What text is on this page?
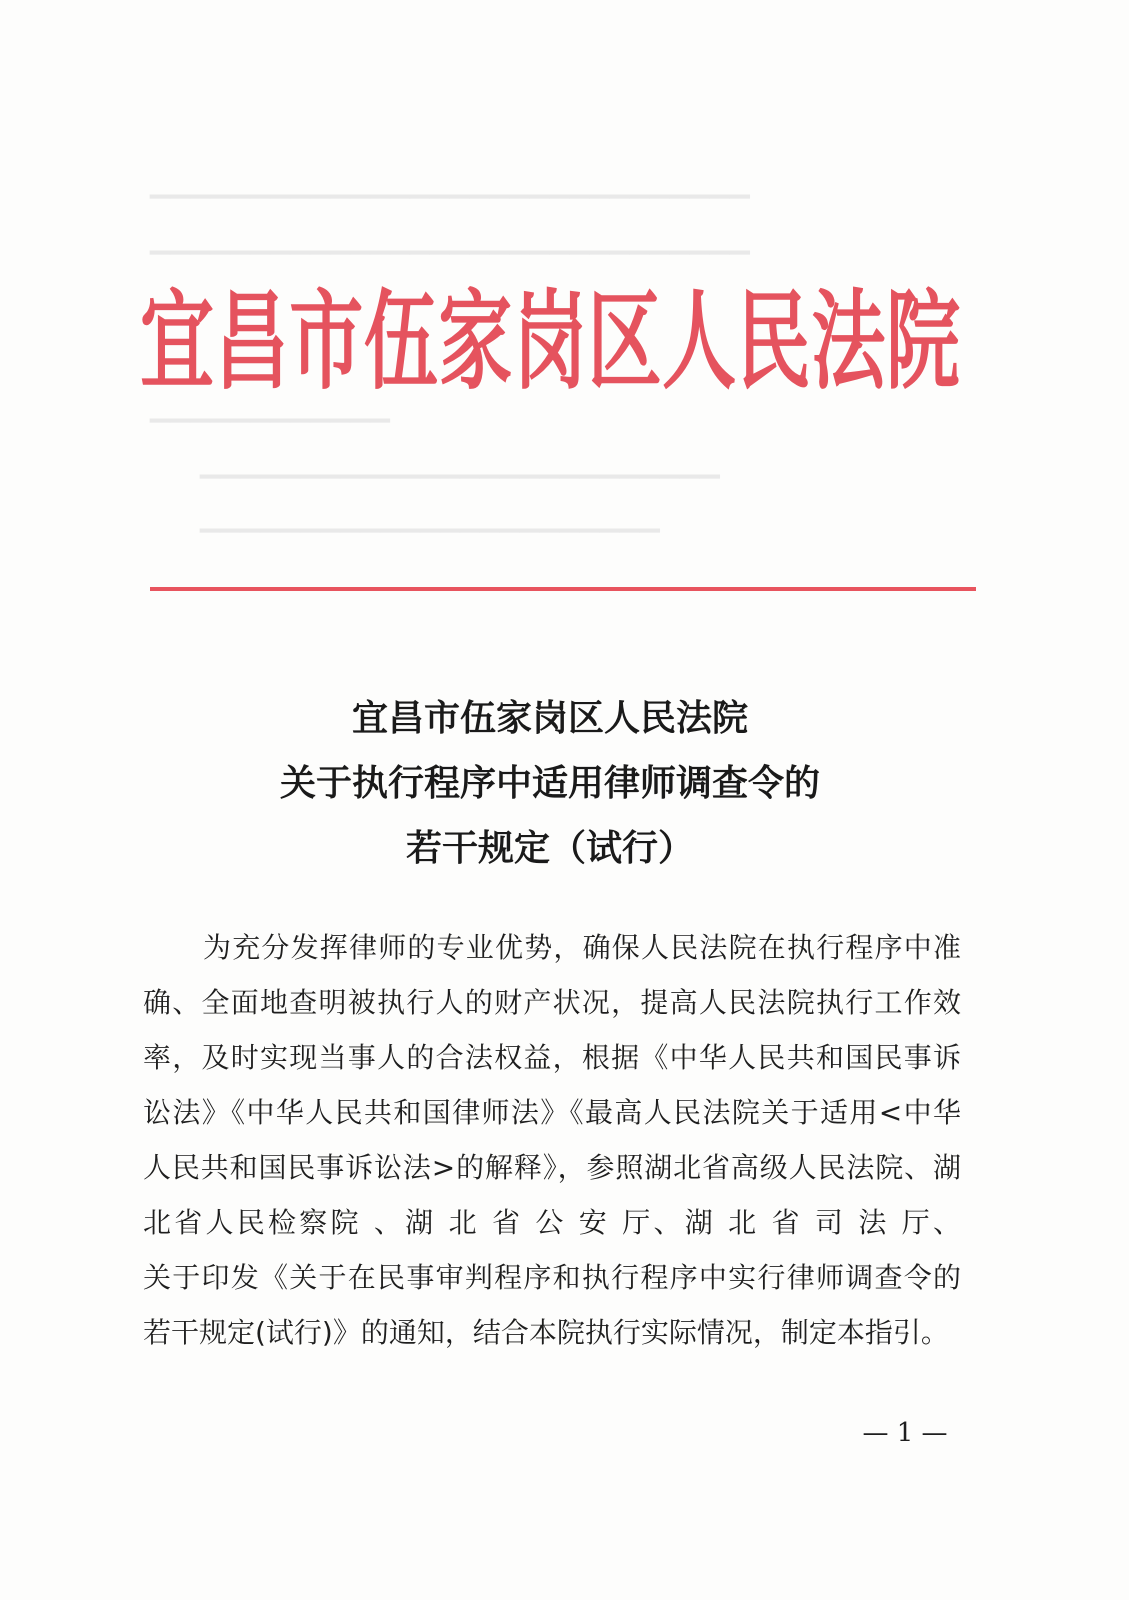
▔▔▔▔▔▔▔▔▔▔▔▔▔▔▔▔▔▔▔▔▔▔▔▔▔▔▔▔▔▔
▔▔▔▔▔▔▔▔▔▔▔▔▔▔▔▔▔▔▔▔▔▔▔▔▔▔▔▔▔▔
▔▔▔▔▔▔▔▔▔▔▔▔
▔▔▔▔▔▔▔▔▔▔▔▔▔▔▔▔▔▔▔▔▔▔▔▔▔▔
▔▔▔▔▔▔▔▔▔▔▔▔▔▔▔▔▔▔▔▔▔▔▔
宜 昌 市 伍 家 岗 区 人 民 法 院
宜昌市伍家岗区人民法院
关于执行程序中适用律师调查令的
若干规定（试行）
为充分发挥律师的专业优势，确保人民法院在执行程序中准
确、全面地查明被执行人的财产状况，提高人民法院执行工作效
率，及时实现当事人的合法权益，根据《中华人民共和国民事诉
讼法》《中华人民共和国律师法》《最高人民法院关于适用<中华
人民共和国民事诉讼法>的解释》，参照湖北省高级人民法院、湖
北省人民检察院 、湖 北 省 公 安 厅、湖 北 省 司 法 厅、
关于印发《关于在民事审判程序和执行程序中实行律师调查令的
若干规定(试行)》的通知，结合本院执行实际情况，制定本指引。
— 1 —
